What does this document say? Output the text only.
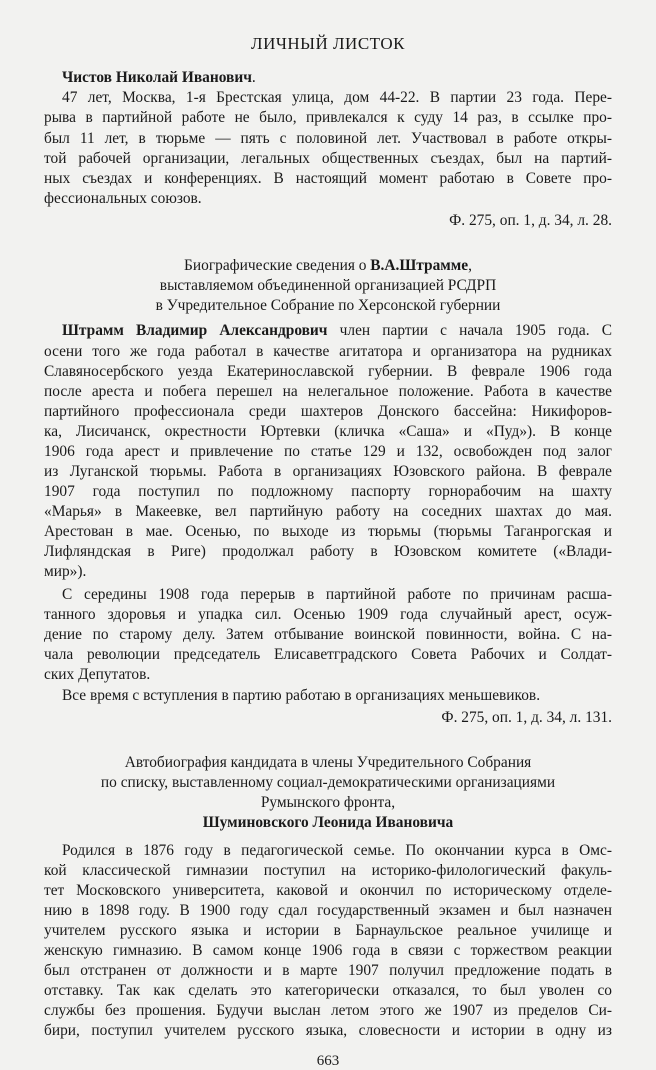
ЛИЧНЫЙ ЛИСТОК
Чистов Николай Иванович.
47 лет, Москва, 1-я Брестская улица, дом 44-22. В партии 23 года. Пере-
рыва в партийной работе не было, привлекался к суду 14 раз, в ссылке про-
был 11 лет, в тюрьме — пять с половиной лет. Участвовал в работе откры-
той рабочей организации, легальных общественных съездах, был на партий-
ных съездах и конференциях. В настоящий момент работаю в Совете про-
фессиональных союзов.
Ф. 275, оп. 1, д. 34, л. 28.
Биографические сведения о В.А.Штрамме,
выставляемом объединенной организацией РСДРП
в Учредительное Собрание по Херсонской губернии
Штрамм Владимир Александрович член партии с начала 1905 года. С
осени того же года работал в качестве агитатора и организатора на рудниках
Славяносербского уезда Екатеринославской губернии. В феврале 1906 года
после ареста и побега перешел на нелегальное положение. Работа в качестве
партийного профессионала среди шахтеров Донского бассейна: Никифоров-
ка, Лисичанск, окрестности Юртевки (кличка «Саша» и «Пуд»). В конце
1906 года арест и привлечение по статье 129 и 132, освобожден под залог
из Луганской тюрьмы. Работа в организациях Юзовского района. В феврале
1907 года поступил по подложному паспорту горнорабочим на шахту
«Марья» в Макеевке, вел партийную работу на соседних шахтах до мая.
Арестован в мае. Осенью, по выходе из тюрьмы (тюрьмы Таганрогская и
Лифляндская в Риге) продолжал работу в Юзовском комитете («Влади-
мир»).
С середины 1908 года перерыв в партийной работе по причинам расша-
танного здоровья и упадка сил. Осенью 1909 года случайный арест, осуж-
дение по старому делу. Затем отбывание воинской повинности, война. С на-
чала революции председатель Елисаветградского Совета Рабочих и Солдат-
ских Депутатов.
Все время с вступления в партию работаю в организациях меньшевиков.
Ф. 275, оп. 1, д. 34, л. 131.
Автобиография кандидата в члены Учредительного Собрания
по списку, выставленному социал-демократическими организациями
Румынского фронта,
Шуминовского Леонида Ивановича
Родился в 1876 году в педагогической семье. По окончании курса в Омс-
кой классической гимназии поступил на историко-филологический факуль-
тет Московского университета, каковой и окончил по историческому отделе-
нию в 1898 году. В 1900 году сдал государственный экзамен и был назначен
учителем русского языка и истории в Барнаульское реальное училище и
женскую гимназию. В самом конце 1906 года в связи с торжеством реакции
был отстранен от должности и в марте 1907 получил предложение подать в
663
отставку. Так как сделать это категорически отказался, то был уволен со
службы без прошения. Будучи выслан летом этого же 1907 из пределов Си-
бири, поступил учителем русского языка, словесности и истории в одну из
